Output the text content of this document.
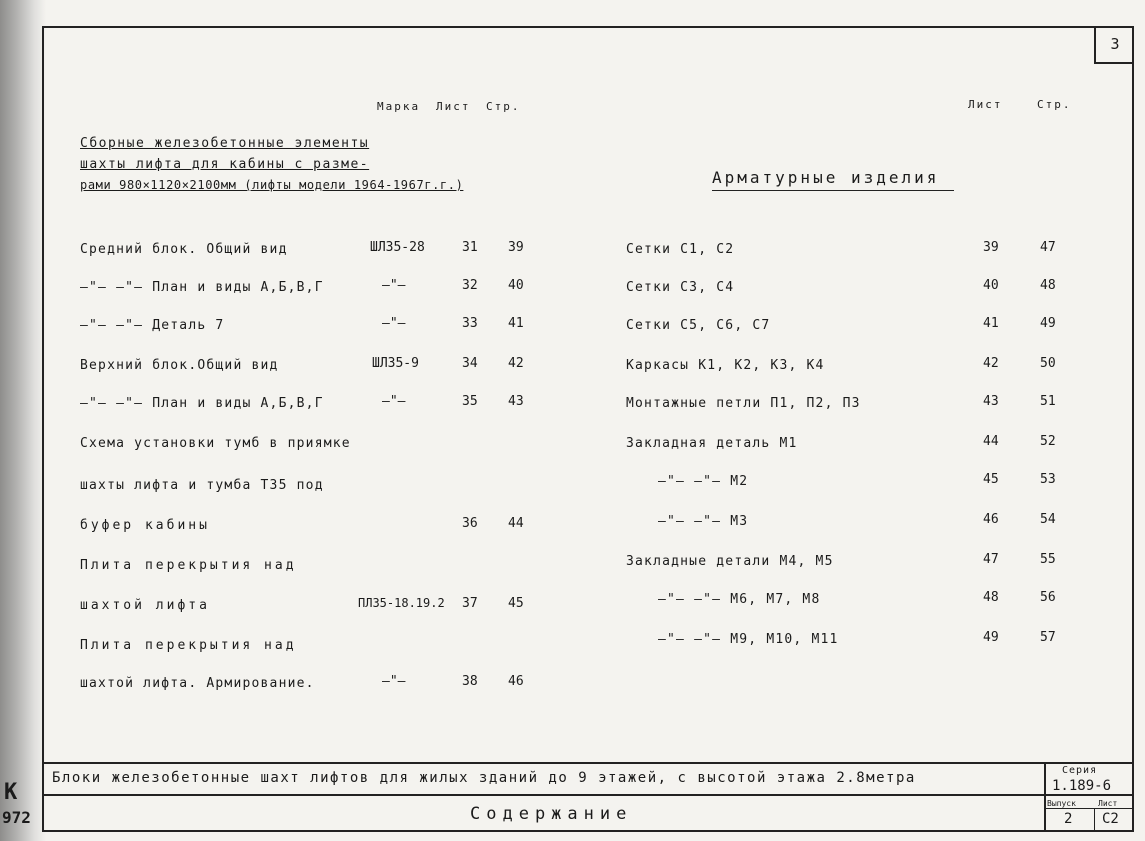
3
Марка Лист Стр.	Лист	Стр.
Сборные железобетонные элементы
шахты лифта для кабины с разме-
рами 980×1120×2100мм (лифты модели 1964-1967г.г.)	Арматурные изделия
Средний блок. Общий вид	ШЛ35-28	31 39
—"— —"— План и виды А,Б,В,Г	—"—	32 40
—"— —"— Деталь 7	—"—	33 41
Верхний блок.Общий вид	ШЛ35-9	34 42
—"— —"— План и виды А,Б,В,Г	—"—	35 43
Схема установки тумб в приямке
шахты лифта и тумба Т35 под
буфер кабины	36 44
Плита перекрытия над
шахтой лифта	ПЛ35-18.19.2 37 45
Плита перекрытия над
шахтой лифта. Армирование.	—"—	38 46
Сетки С1, С2	39	47
Сетки С3, С4	40	48
Сетки С5, С6, С7	41	49
Каркасы К1, К2, К3, К4	42	50
Монтажные петли П1, П2, П3	43	51
Закладная деталь М1	44	52
—"— —"— М2	45	53
—"— —"— М3	46	54
Закладные детали М4, М5	47	55
—"— —"— М6, М7, М8	48	56
—"— —"— М9, М10, М11	49	57
Блоки железобетонные шахт лифтов для жилых зданий до 9 этажей, с высотой этажа 2.8метра
Содержание
Серия
1.189-6
Выпуск	Лист
2 С2
К
972
